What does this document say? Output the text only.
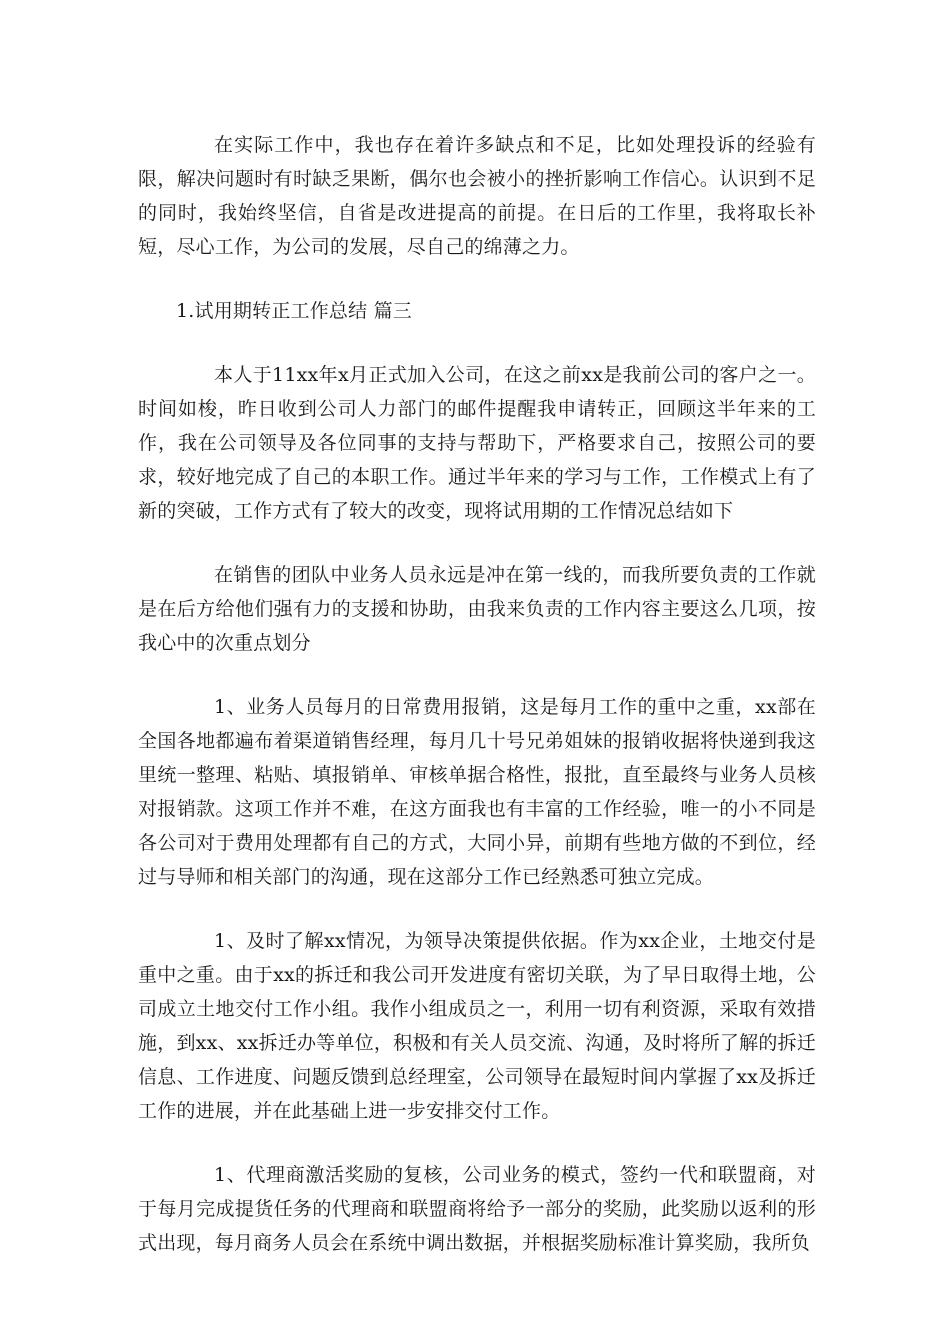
在实际工作中，我也存在着许多缺点和不足，比如处理投诉的经验有限，解决问题时有时缺乏果断，偶尔也会被小的挫折影响工作信心。认识到不足的同时，我始终坚信，自省是改进提高的前提。在日后的工作里，我将取长补短，尽心工作，为公司的发展，尽自己的绵薄之力。

1.试用期转正工作总结 篇三

本人于11xx年x月正式加入公司，在这之前xx是我前公司的客户之一。时间如梭，昨日收到公司人力部门的邮件提醒我申请转正，回顾这半年来的工作，我在公司领导及各位同事的支持与帮助下，严格要求自己，按照公司的要求，较好地完成了自己的本职工作。通过半年来的学习与工作，工作模式上有了新的突破，工作方式有了较大的改变，现将试用期的工作情况总结如下

在销售的团队中业务人员永远是冲在第一线的，而我所要负责的工作就是在后方给他们强有力的支援和协助，由我来负责的工作内容主要这么几项，按我心中的次重点划分

1、业务人员每月的日常费用报销，这是每月工作的重中之重，xx部在全国各地都遍布着渠道销售经理，每月几十号兄弟姐妹的报销收据将快递到我这里统一整理、粘贴、填报销单、审核单据合格性，报批，直至最终与业务人员核对报销款。这项工作并不难，在这方面我也有丰富的工作经验，唯一的小不同是各公司对于费用处理都有自己的方式，大同小异，前期有些地方做的不到位，经过与导师和相关部门的沟通，现在这部分工作已经熟悉可独立完成。

1、及时了解xx情况，为领导决策提供依据。作为xx企业，土地交付是重中之重。由于xx的拆迁和我公司开发进度有密切关联，为了早日取得土地，公司成立土地交付工作小组。我作小组成员之一，利用一切有利资源，采取有效措施，到xx、xx拆迁办等单位，积极和有关人员交流、沟通，及时将所了解的拆迁信息、工作进度、问题反馈到总经理室，公司领导在最短时间内掌握了xx及拆迁工作的进展，并在此基础上进一步安排交付工作。

1、代理商激活奖励的复核，公司业务的模式，签约一代和联盟商，对于每月完成提货任务的代理商和联盟商将给予一部分的奖励，此奖励以返利的形式出现，每月商务人员会在系统中调出数据，并根据奖励标准计算奖励，我所负
